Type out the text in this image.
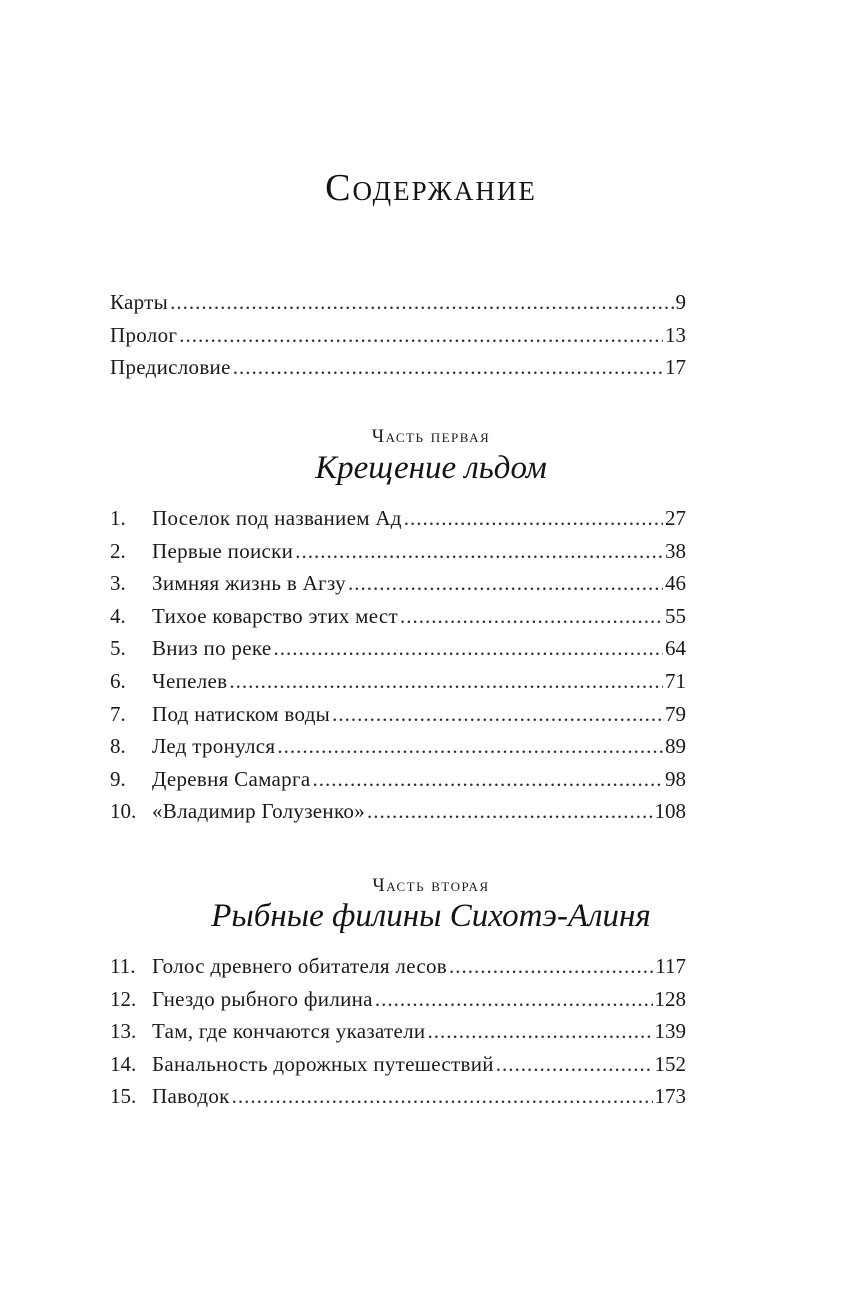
Содержание
Карты .....	9
Пролог .....	13
Предисловие .....	17
Часть первая
Крещение льдом
1.	Поселок под названием Ад .....	27
2.	Первые поиски .....	38
3.	Зимняя жизнь в Агзу .....	46
4.	Тихое коварство этих мест .....	55
5.	Вниз по реке .....	64
6.	Чепелев .....	71
7.	Под натиском воды .....	79
8.	Лед тронулся .....	89
9.	Деревня Самарга .....	98
10. «Владимир Голузенко» .....	108
Часть вторая
Рыбные филины Сихотэ-Алиня
11. Голос древнего обитателя лесов .....	117
12. Гнездо рыбного филина .....	128
13. Там, где кончаются указатели .....	139
14. Банальность дорожных путешествий .....	152
15. Паводок .....	173
